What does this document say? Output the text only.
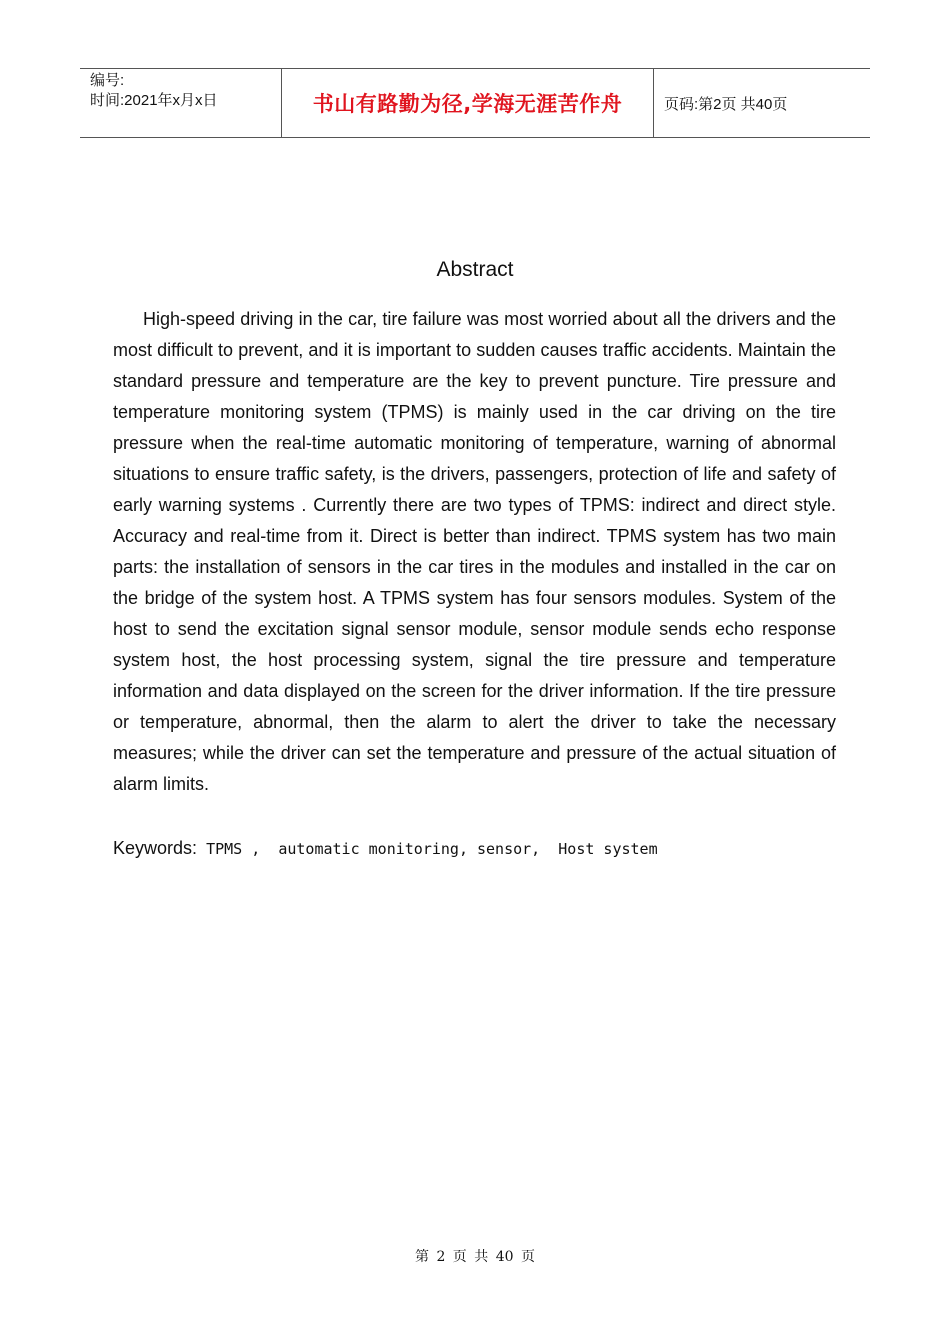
编号:
时间:2021年x月x日	书山有路勤为径,学海无涯苦作舟	页码:第2页 共40页
Abstract

High-speed driving in the car, tire failure was most worried about all the drivers and the most difficult to prevent, and it is important to sudden causes traffic accidents. Maintain the standard pressure and temperature are the key to prevent puncture. Tire pressure and temperature monitoring system (TPMS) is mainly used in the car driving on the tire pressure when the real-time automatic monitoring of temperature, warning of abnormal situations to ensure traffic safety, is the drivers, passengers, protection of life and safety of early warning systems . Currently there are two types of TPMS: indirect and direct style. Accuracy and real-time from it. Direct is better than indirect. TPMS system has two main parts: the installation of sensors in the car tires in the modules and installed in the car on the bridge of the system host. A TPMS system has four sensors modules. System of the host to send the excitation signal sensor module, sensor module sends echo response system host, the host processing system, signal the tire pressure and temperature information and data displayed on the screen for the driver information. If the tire pressure or temperature, abnormal, then the alarm to alert the driver to take the necessary measures; while the driver can set the temperature and pressure of the actual situation of alarm limits.

Keywords: TPMS ,  automatic monitoring, sensor,  Host system
第 2 页 共 40 页
